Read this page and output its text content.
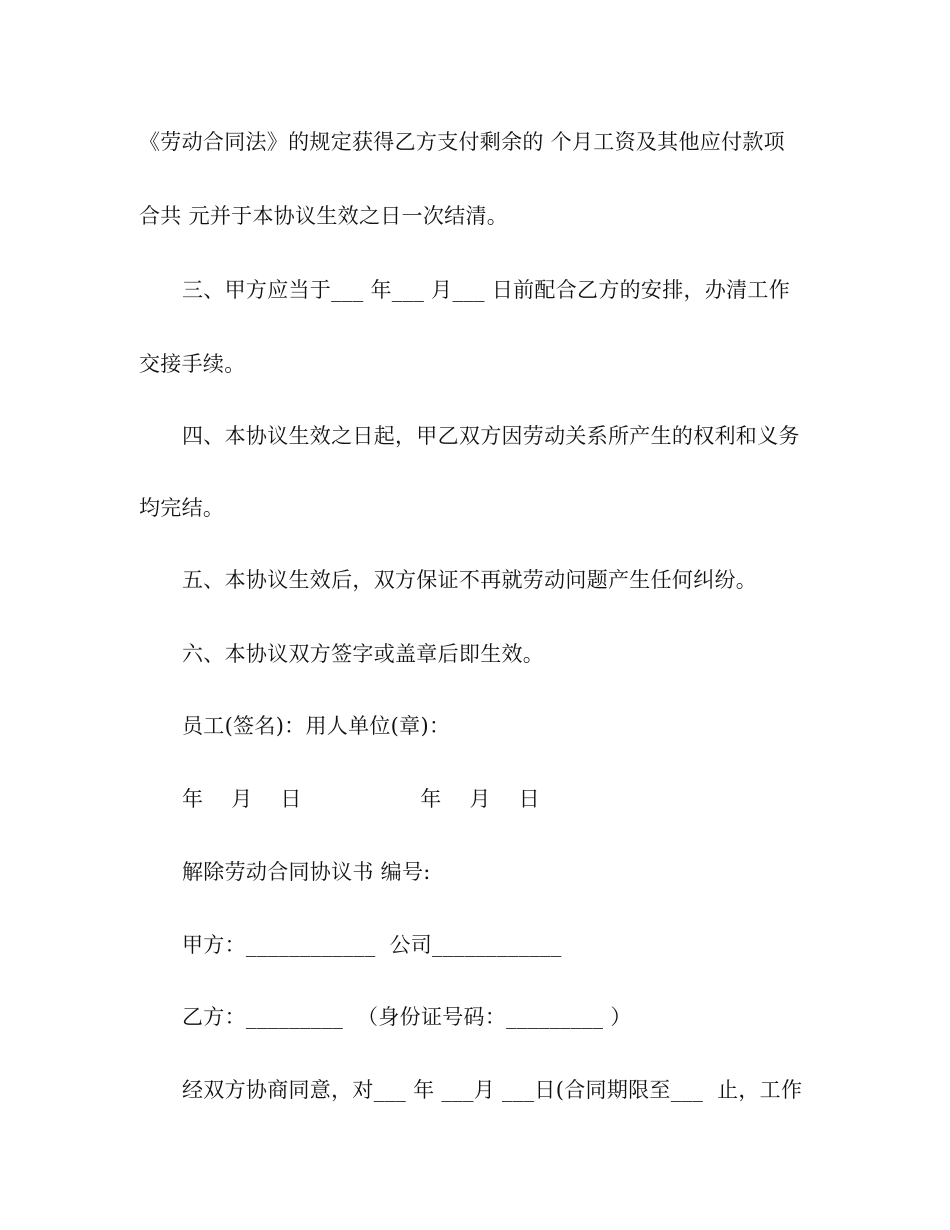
《劳动合同法》的规定获得乙方支付剩余的 个月工资及其他应付款项
合共 元并于本协议生效之日一次结清。
三、甲方应当于___ 年___ 月___ 日前配合乙方的安排，办清工作
交接手续。
四、本协议生效之日起，甲乙双方因劳动关系所产生的权利和义务
均完结。
五、本协议生效后，双方保证不再就劳动问题产生任何纠纷。
六、本协议双方签字或盖章后即生效。
员工(签名)：用人单位(章)：
年    月    日                 年    月    日
解除劳动合同协议书 编号:
甲方：____________  公司____________
乙方：_________  （身份证号码：_________ ）
经双方协商同意，对___ 年 ___月 ___日(合同期限至___  止，工作
